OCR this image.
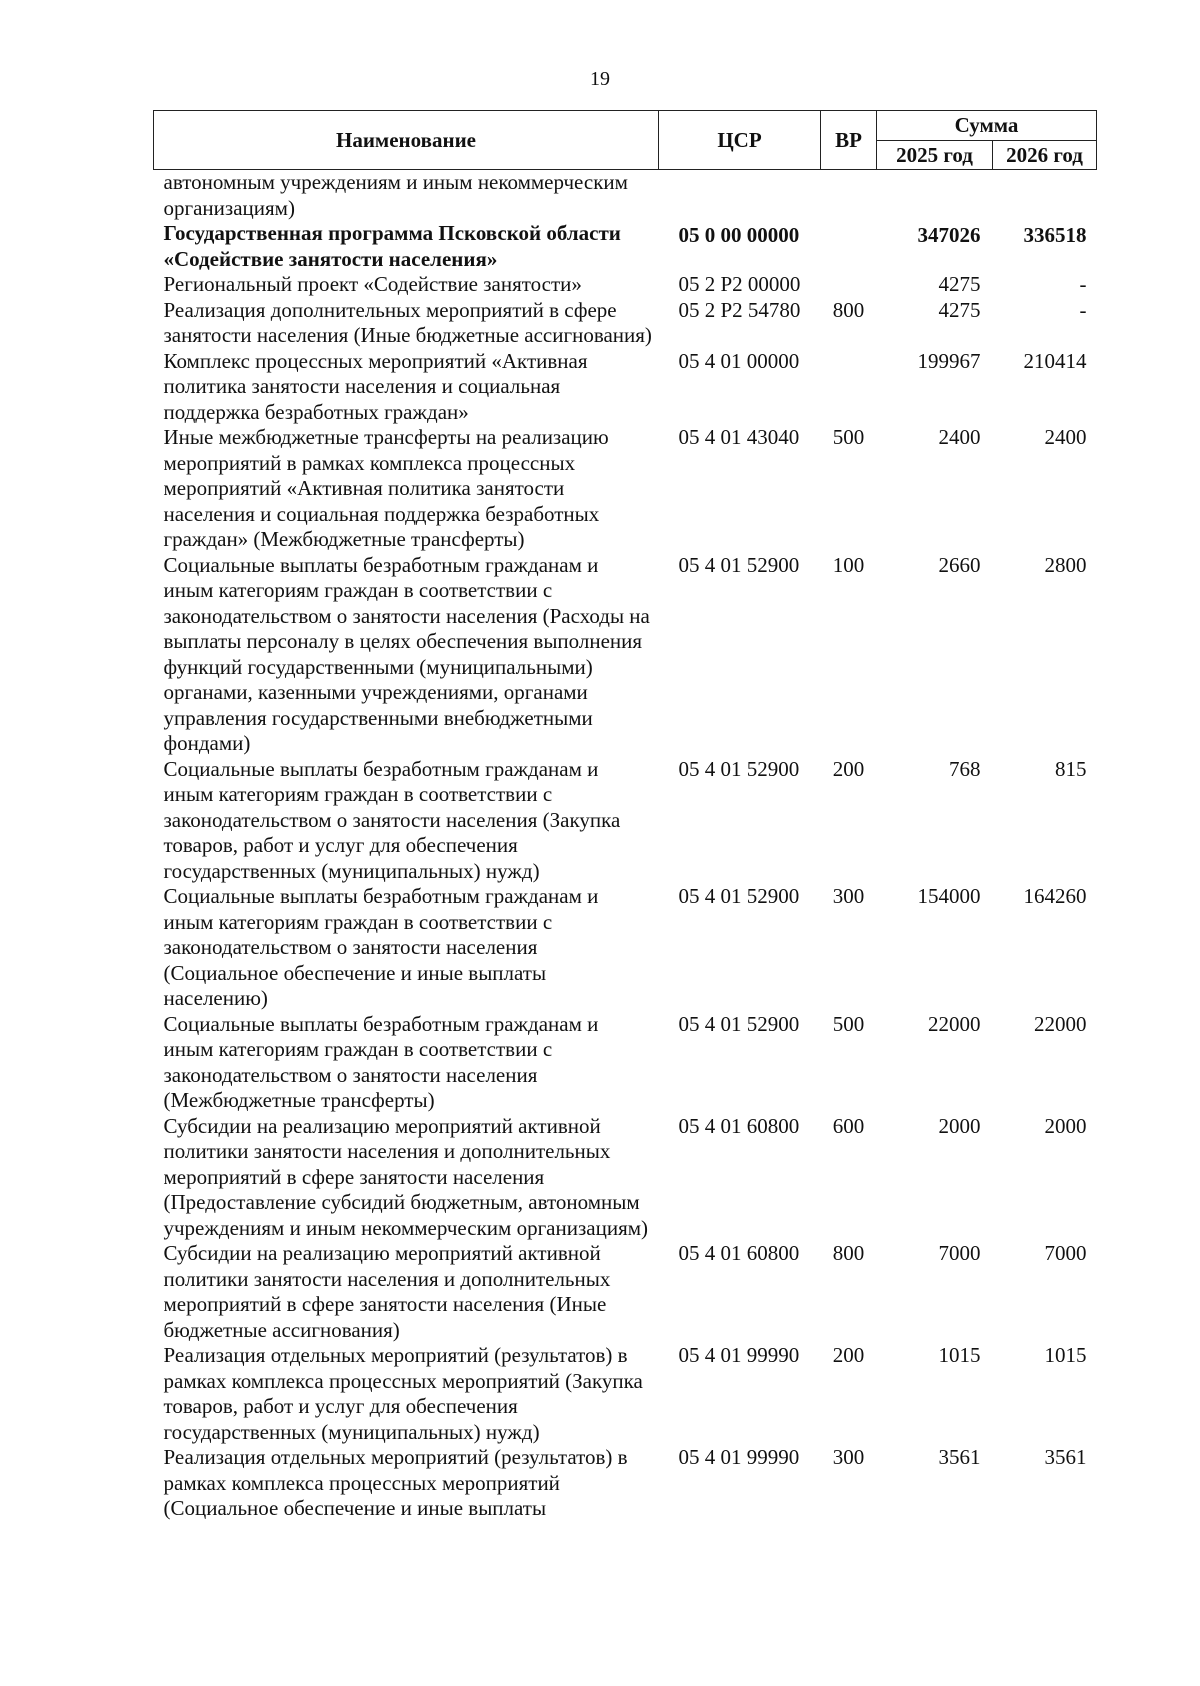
19
Наименование	ЦСР	ВР	Сумма	
			2025 год	2026 год
автономным учреждениям и иным некоммерческим организациям)				
Государственная программа Псковской области «Содействие занятости населения»	05 0 00 00000		347026	336518
Региональный проект «Содействие занятости»	05 2 P2 00000		4275	-
Реализация дополнительных мероприятий в сфере занятости населения (Иные бюджетные ассигнования)	05 2 P2 54780	800	4275	-
Комплекс процессных мероприятий «Активная политика занятости населения и социальная поддержка безработных граждан»	05 4 01 00000		199967	210414
Иные межбюджетные трансферты на реализацию мероприятий в рамках комплекса процессных мероприятий «Активная политика занятости населения и социальная поддержка безработных граждан» (Межбюджетные трансферты)	05 4 01 43040	500	2400	2400
Социальные выплаты безработным гражданам и иным категориям граждан в соответствии с законодательством о занятости населения (Расходы на выплаты персоналу в целях обеспечения выполнения функций государственными (муниципальными) органами, казенными учреждениями, органами управления государственными внебюджетными фондами)	05 4 01 52900	100	2660	2800
Социальные выплаты безработным гражданам и иным категориям граждан в соответствии с законодательством о занятости населения (Закупка товаров, работ и услуг для обеспечения государственных (муниципальных) нужд)	05 4 01 52900	200	768	815
Социальные выплаты безработным гражданам и иным категориям граждан в соответствии с законодательством о занятости населения (Социальное обеспечение и иные выплаты населению)	05 4 01 52900	300	154000	164260
Социальные выплаты безработным гражданам и иным категориям граждан в соответствии с законодательством о занятости населения (Межбюджетные трансферты)	05 4 01 52900	500	22000	22000
Субсидии на реализацию мероприятий активной политики занятости населения и дополнительных мероприятий в сфере занятости населения (Предоставление субсидий бюджетным, автономным учреждениям и иным некоммерческим организациям)	05 4 01 60800	600	2000	2000
Субсидии на реализацию мероприятий активной политики занятости населения и дополнительных мероприятий в сфере занятости населения (Иные бюджетные ассигнования)	05 4 01 60800	800	7000	7000
Реализация отдельных мероприятий (результатов) в рамках комплекса процессных мероприятий (Закупка товаров, работ и услуг для обеспечения государственных (муниципальных) нужд)	05 4 01 99990	200	1015	1015
Реализация отдельных мероприятий (результатов) в рамках комплекса процессных мероприятий (Социальное обеспечение и иные выплаты	05 4 01 99990	300	3561	3561
